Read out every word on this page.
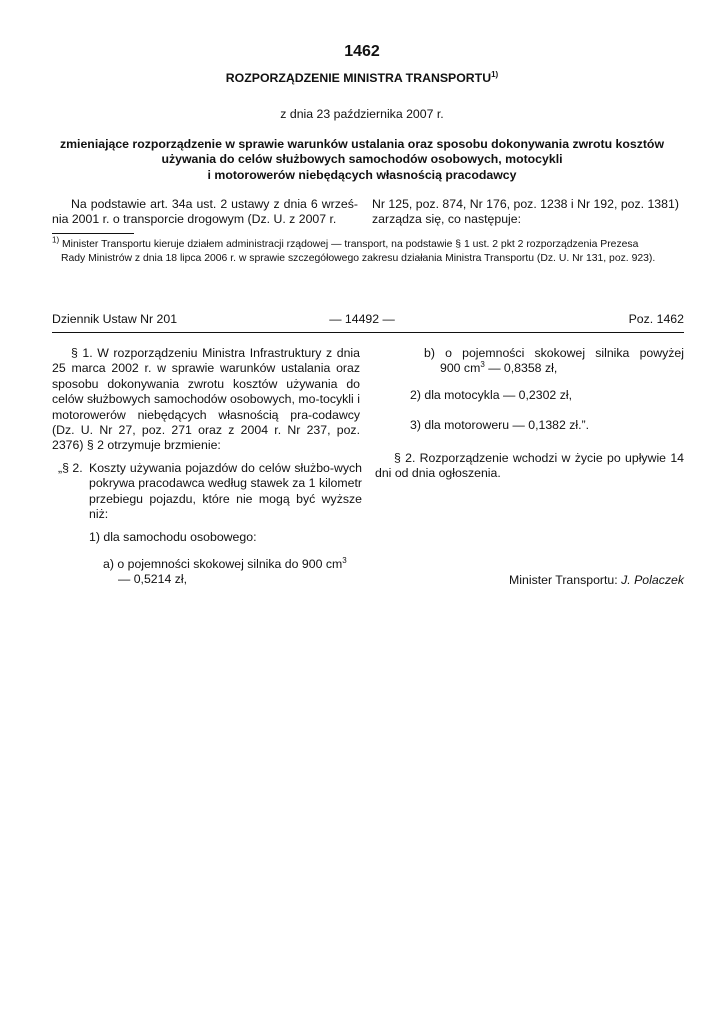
1462
ROZPORZĄDZENIE MINISTRA TRANSPORTU$^{1)}$
z dnia 23 października 2007 r.
zmieniające rozporządzenie w sprawie warunków ustalania oraz sposobu dokonywania zwrotu kosztów
używania do celów służbowych samochodów osobowych, motocykli
i motorowerów niebędących własnością pracodawcy

Na podstawie art. 34a ust. 2 ustawy z dnia 6 wrześ-nia 2001 r. o transporcie drogowym (Dz. U. z 2007 r.

Nr 125, poz. 874, Nr 176, poz. 1238 i Nr 192, poz. 1381)
zarządza się, co następuje:
$^{1)}$ Minister Transportu kieruje działem administracji rządowej — transport, na podstawie § 1 ust. 2 pkt 2 rozporządzenia Prezesa
Rady Ministrów z dnia 18 lipca 2006 r. w sprawie szczegółowego zakresu działania Ministra Transportu (Dz. U. Nr 131, poz. 923).
Dziennik Ustaw Nr 201	— 14492 —	Poz. 1462

§ 1. W rozporządzeniu Ministra Infrastruktury z dnia 25 marca 2002 r. w sprawie warunków ustalania oraz sposobu dokonywania zwrotu kosztów używania do celów służbowych samochodów osobowych, mo-tocykli i motorowerów niebędących własnością pra-codawcy (Dz. U. Nr 27, poz. 271 oraz z 2004 r. Nr 237, poz. 2376) § 2 otrzymuje brzmienie:

„§ 2. Koszty używania pojazdów do celów służbo-wych pokrywa pracodawca według stawek za 1 kilometr przebiegu pojazdu, które nie mogą być wyższe niż:
1) dla samochodu osobowego:
a) o pojemności skokowej silnika do 900 $cm^3$
— 0,5214 zł,
b) o pojemności skokowej silnika powyżej
900 $cm^3$ — 0,8358 zł,
2) dla motocykla — 0,2302 zł,
3) dla motoroweru — 0,1382 zł.”.

§ 2. Rozporządzenie wchodzi w życie po upływie 14 dni od dnia ogłoszenia.

Minister Transportu: J. Polaczek
